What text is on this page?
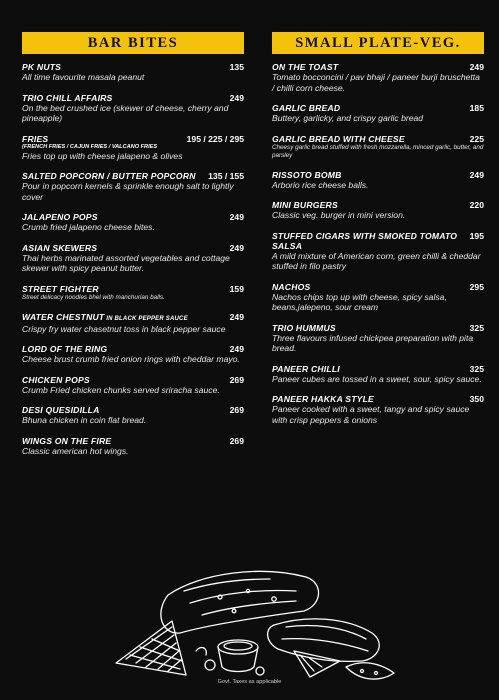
BAR BITES
PK NUTS	135
All time favourite masala peanut
TRIO CHILL AFFAIRS	249
On the bed crushed ice (skewer of cheese, cherry and pineapple)
FRIES	195 / 225 / 295
(FRENCH FRIES / CAJUN FRIES / VALCANO FRIES
Fries top up with cheese jalapeno & olives
SALTED POPCORN / BUTTER POPCORN	135 / 155
Pour in popcorn kernels & sprinkle enough salt to lightly cover
JALAPENO POPS	249
Crumb fried jalapeno cheese bites.
ASIAN SKEWERS	249
Thai herbs marinated assorted vegetables and cottage skewer with spicy peanut butter.
STREET FIGHTER	159
Street delicacy noodles bhel with manchurian balls.
WATER CHESTNUT IN BLACK PEPPER SAUCE	249
Crispy fry water chasetnut toss in black pepper sauce
LORD OF THE RING	249
Cheese brust crumb fried onion rings with cheddar mayo.
CHICKEN POPS	269
Crumb Fried chicken chunks served sriracha sauce.
DESI QUESIDILLA	269
Bhuna chicken in coin flat bread.
WINGS ON THE FIRE	269
Classic american hot wings.
SMALL PLATE-VEG.
ON THE TOAST	249
Tomato bocconcini / pav bhaji / paneer burji bruschetta / chilli corn cheese.
GARLIC BREAD	185
Buttery, garlicky, and crispy garlic bread
GARLIC BREAD WITH CHEESE	225
Cheesy garlic bread stuffed with fresh mozzarella, minced garlic, butter, and parsley
RISSOTO BOMB	249
Arborio rice cheese balls.
MINI BURGERS	220
Classic veg. burger in mini version.
STUFFED CIGARS WITH SMOKED TOMATO SALSA
195
A mild mixture of American corn, green chilli & cheddar stuffed in filo pastry
NACHOS	295
Nachos chips top up with cheese, spicy salsa, beans,jalepeno, sour cream
TRIO HUMMUS	325
Three flavours infused chickpea preparation with pita bread.
PANEER CHILLI	325
Paneer cubes are tossed in a sweet, sour, spicy sauce.
PANEER HAKKA STYLE	350
Paneer cooked with a sweet, tangy and spicy sauce with crisp peppers & onions
Govt. Taxes as applicable
